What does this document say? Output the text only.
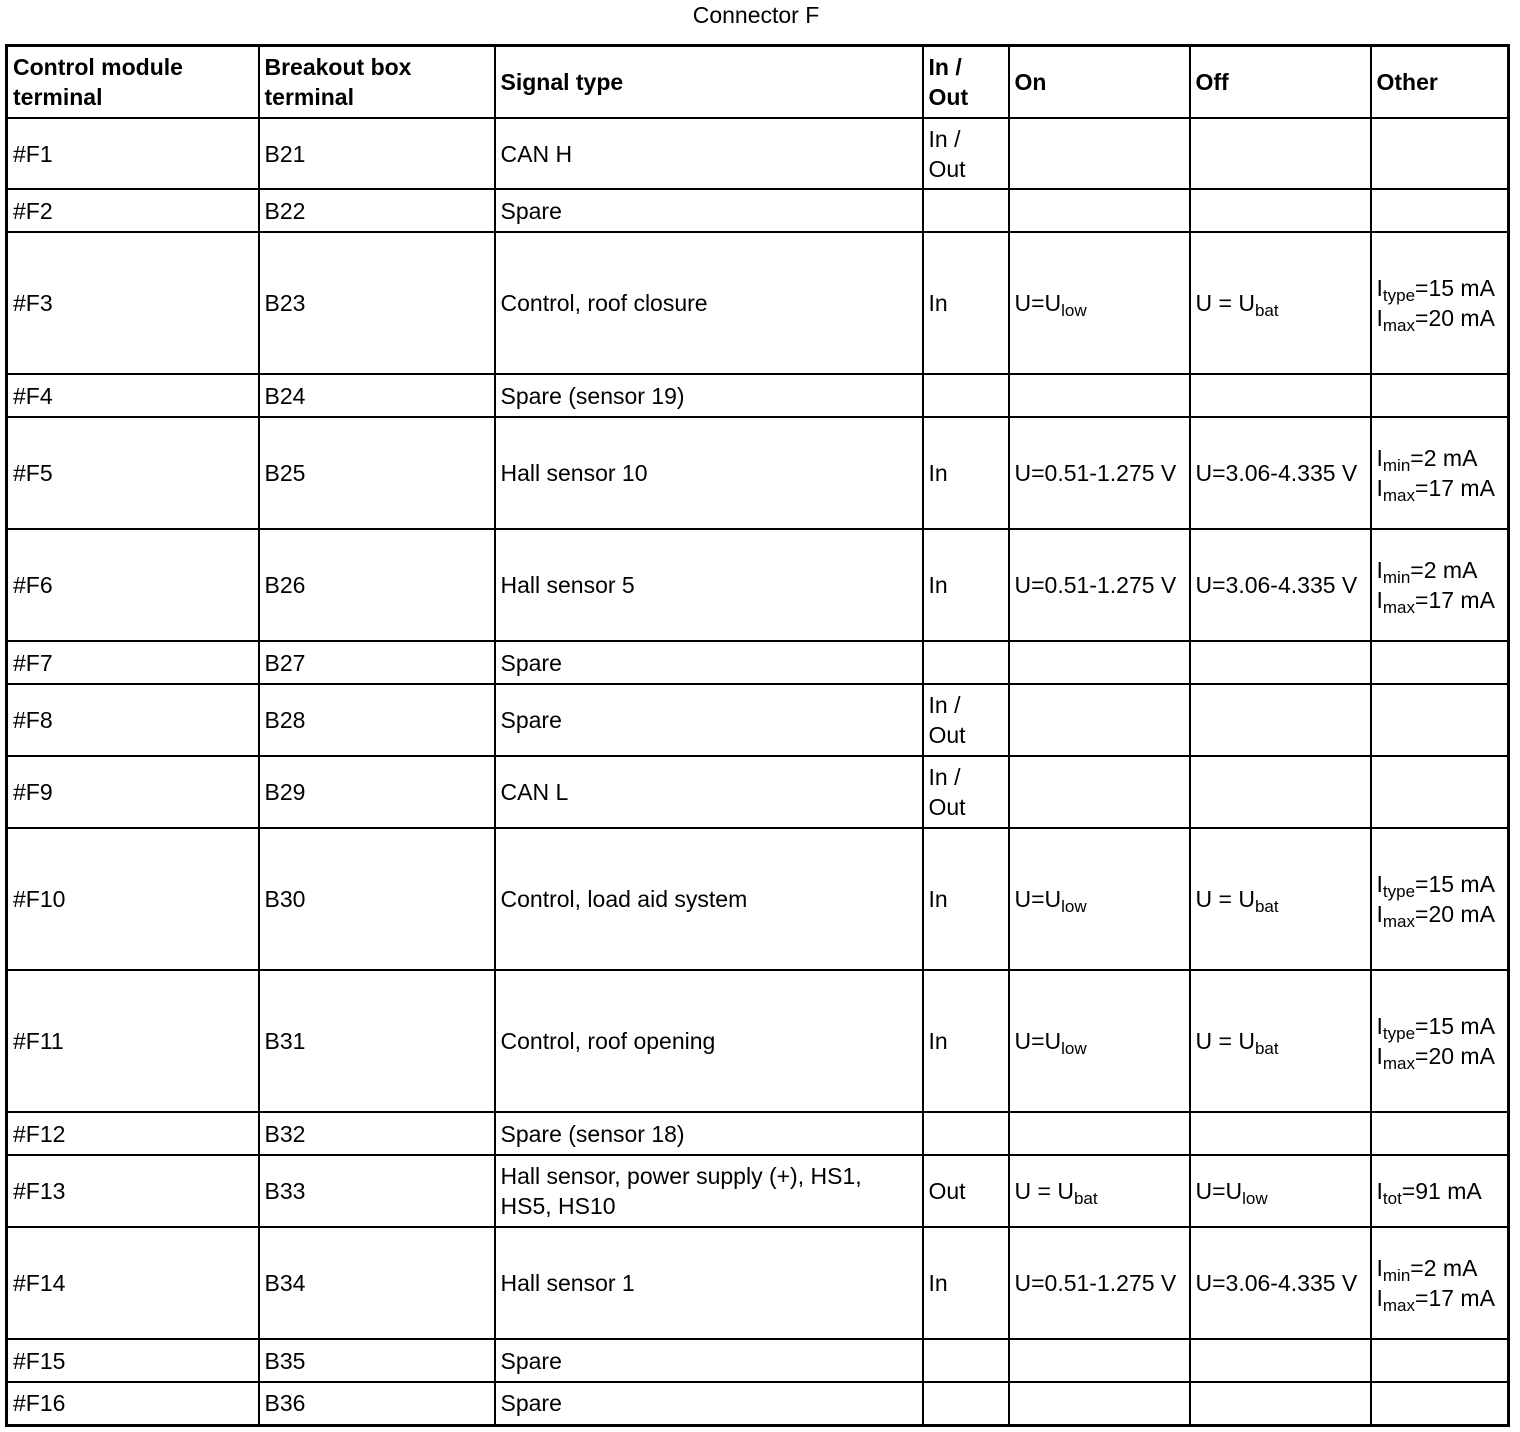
Connector F
Control module terminal	Breakout box terminal	Signal type	In / Out	On	Off	Other
#F1	B21	CAN H	In / Out			
#F2	B22	Spare				
#F3	B23	Control, roof closure	In	$U=U_{low}$	$U = U_{bat}$	$I_{type}=15$ mA
$I_{max}=20$ mA

#F4	B24	Spare (sensor 19)				
#F5	B25	Hall sensor 10	In	U=0.51-1.275 V	U=3.06-4.335 V	$I_{min}=2$ mA
$I_{max}=17$ mA

#F6	B26	Hall sensor 5	In	U=0.51-1.275 V	U=3.06-4.335 V	$I_{min}=2$ mA
$I_{max}=17$ mA

#F7	B27	Spare				
#F8	B28	Spare	In / Out			
#F9	B29	CAN L	In / Out			
#F10	B30	Control, load aid system	In	$U=U_{low}$	$U = U_{bat}$	$I_{type}=15$ mA
$I_{max}=20$ mA

#F11	B31	Control, roof opening	In	$U=U_{low}$	$U = U_{bat}$	$I_{type}=15$ mA
$I_{max}=20$ mA

#F12	B32	Spare (sensor 18)				
#F13	B33	Hall sensor, power supply (+), HS1, HS5, HS10	Out	$U = U_{bat}$	$U=U_{low}$	$I_{tot}=91$ mA

#F14	B34	Hall sensor 1	In	U=0.51-1.275 V	U=3.06-4.335 V	$I_{min}=2$ mA
$I_{max}=17$ mA

#F15	B35	Spare				
#F16	B36	Spare				
